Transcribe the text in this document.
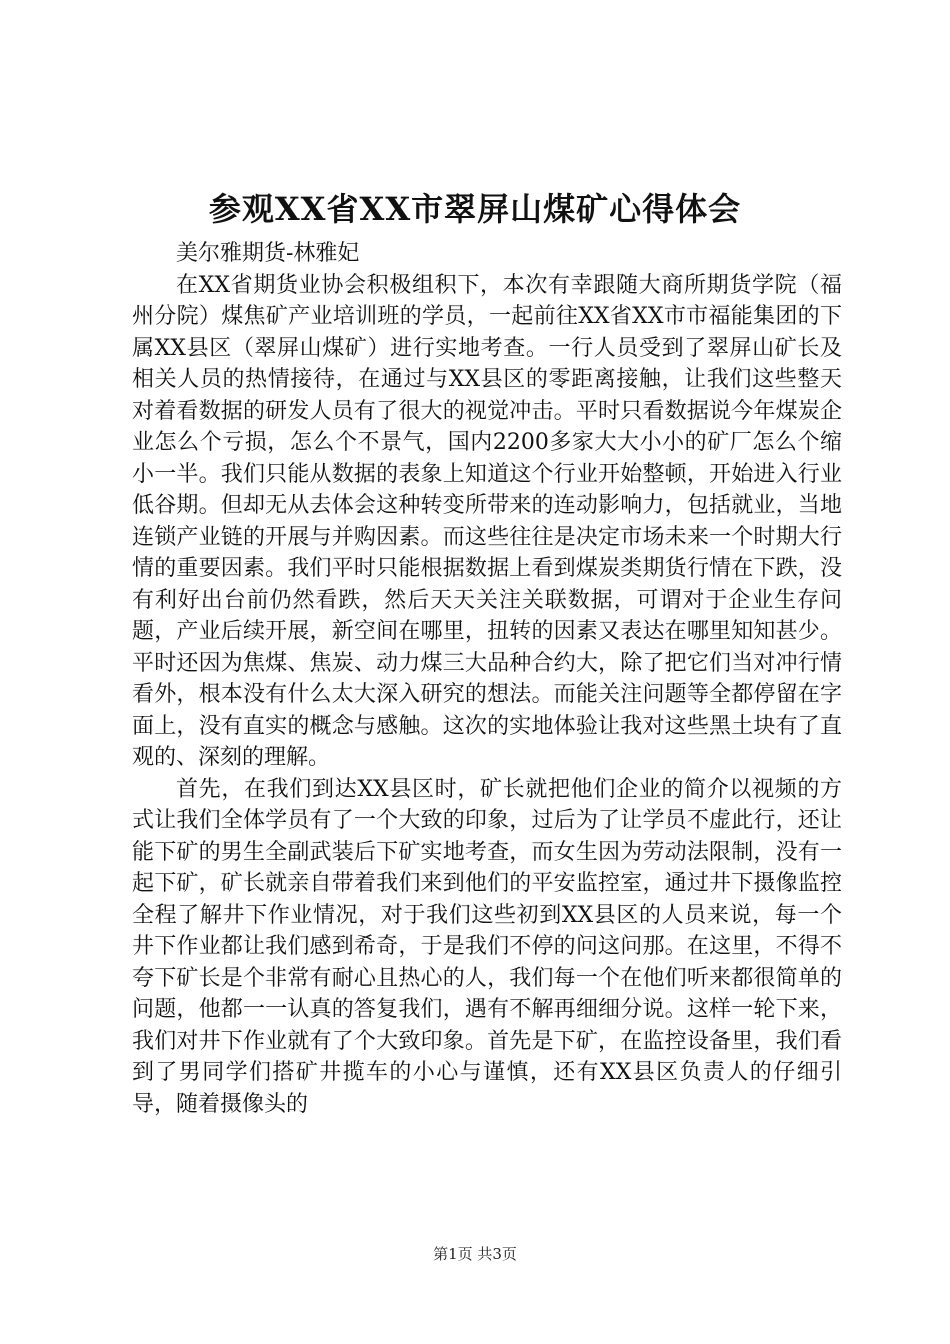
参观XX省XX市翠屏山煤矿心得体会

美尔雅期货-林雅妃

在XX省期货业协会积极组积下，本次有幸跟随大商所期货学院（福州分院）煤焦矿产业培训班的学员，一起前往XX省XX市市福能集团的下属XX县区（翠屏山煤矿）进行实地考查。一行人员受到了翠屏山矿长及相关人员的热情接待，在通过与XX县区的零距离接触，让我们这些整天对着看数据的研发人员有了很大的视觉冲击。平时只看数据说今年煤炭企业怎么个亏损，怎么个不景气，国内2200多家大大小小的矿厂怎么个缩小一半。我们只能从数据的表象上知道这个行业开始整顿，开始进入行业低谷期。但却无从去体会这种转变所带来的连动影响力，包括就业，当地连锁产业链的开展与并购因素。而这些往往是决定市场未来一个时期大行情的重要因素。我们平时只能根据数据上看到煤炭类期货行情在下跌，没有利好出台前仍然看跌，然后天天关注关联数据，可谓对于企业生存问题，产业后续开展，新空间在哪里，扭转的因素又表达在哪里知知甚少。平时还因为焦煤、焦炭、动力煤三大品种合约大，除了把它们当对冲行情看外，根本没有什么太大深入研究的想法。而能关注问题等全都停留在字面上，没有直实的概念与感触。这次的实地体验让我对这些黑土块有了直观的、深刻的理解。

首先，在我们到达XX县区时，矿长就把他们企业的简介以视频的方式让我们全体学员有了一个大致的印象，过后为了让学员不虚此行，还让能下矿的男生全副武装后下矿实地考查，而女生因为劳动法限制，没有一起下矿，矿长就亲自带着我们来到他们的平安监控室，通过井下摄像监控全程了解井下作业情况，对于我们这些初到XX县区的人员来说，每一个井下作业都让我们感到希奇，于是我们不停的问这问那。在这里，不得不夸下矿长是个非常有耐心且热心的人，我们每一个在他们听来都很简单的问题，他都一一认真的答复我们，遇有不解再细细分说。这样一轮下来，我们对井下作业就有了个大致印象。首先是下矿，在监控设备里，我们看到了男同学们搭矿井揽车的小心与谨慎，还有XX县区负责人的仔细引导，随着摄像头的

第1页 共3页
